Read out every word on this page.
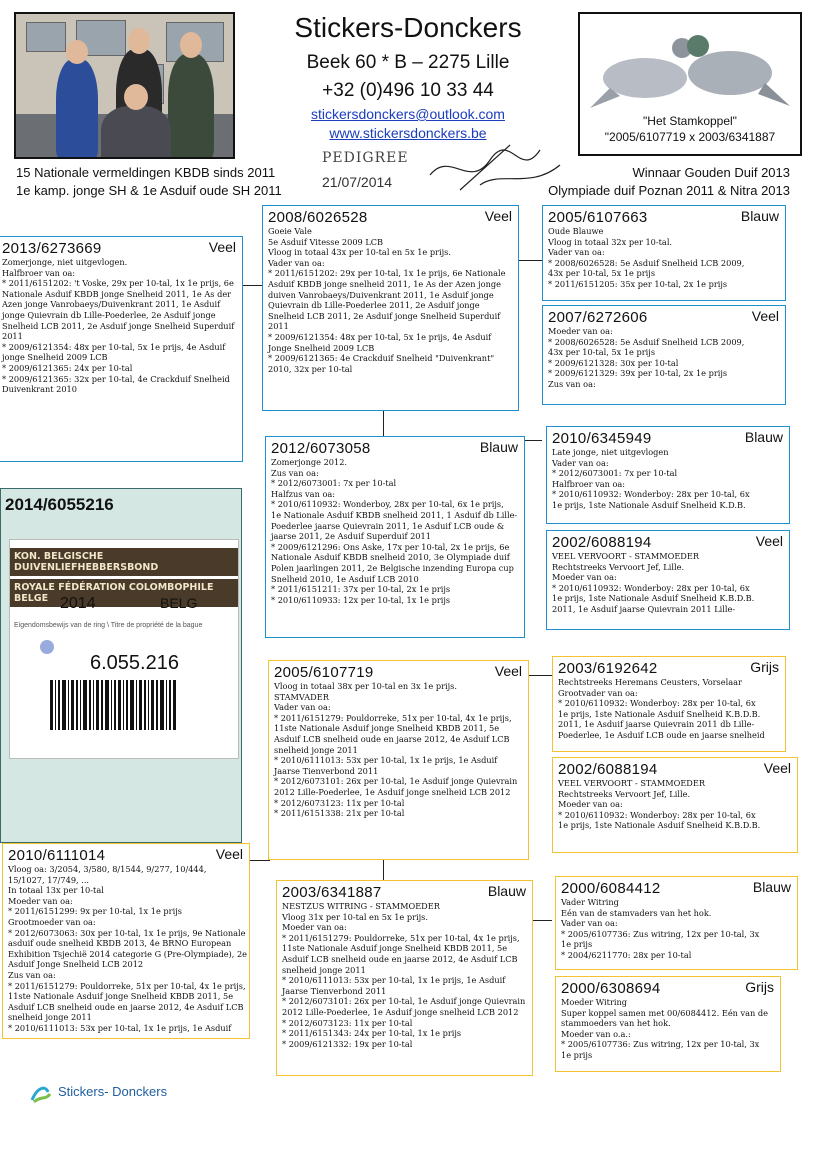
Stickers-Donckers
Beek 60 * B – 2275 Lille
+32 (0)496 10 33 44
stickersdonckers@outlook.com
www.stickersdonckers.be
PEDIGREE
21/07/2014
15 Nationale vermeldingen KBDB sinds 2011
1e kamp. jonge SH & 1e Asduif oude SH 2011
Winnaar Gouden Duif 2013
Olympiade duif Poznan 2011 & Nitra 2013
"Het Stamkoppel"
"2005/6107719 x 2003/6341887
2014/6055216
KON. BELGISCHE DUIVENLIEFHEBBERSBOND
ROYALE FÉDÉRATION COLOMBOPHILE BELGE 2014	BELG
Eigendomsbewijs van de ring \ Titre de propriété de la bague
6.055.216
2013/6273669	Veel
Zomerjonge, niet uitgevlogen.
Halfbroer van oa:
* 2011/6151202: 't Voske, 29x per 10-tal, 1x 1e prijs, 6e
Nationale Asduif KBDB jonge Snelheid 2011, 1e As der
Azen jonge Vanrobaeys/Duivenkrant 2011, 1e Asduif
jonge Quievrain db Lille-Poederlee, 2e Asduif jonge
Snelheid LCB 2011, 2e Asduif jonge Snelheid Superduif
2011
* 2009/6121354: 48x per 10-tal, 5x 1e prijs, 4e Asduif
jonge Snelheid 2009 LCB
* 2009/6121365: 24x per 10-tal
* 2009/6121365: 32x per 10-tal, 4e Crackduif Snelheid
Duivenkrant 2010
2008/6026528	Veel
Goeie Vale
5e Asduif Vitesse 2009 LCB
Vloog in totaal 43x per 10-tal en 5x 1e prijs.
Vader van oa:
* 2011/6151202: 29x per 10-tal, 1x 1e prijs, 6e Nationale
Asduif KBDB jonge snelheid 2011, 1e As der Azen jonge
duiven Vanrobaeys/Duivenkrant 2011, 1e Asduif jonge
Quievrain db Lille-Poederlee 2011, 2e Asduif jonge
Snelheid LCB 2011, 2e Asduif jonge Snelheid Superduif
2011
* 2009/6121354: 48x per 10-tal, 5x 1e prijs, 4e Asduif
Jonge Snelheid 2009 LCB
* 2009/6121365: 4e Crackduif Snelheid "Duivenkrant"
2010, 32x per 10-tal
2005/6107663	Blauw
Oude Blauwe
Vloog in totaal 32x per 10-tal.
Vader van oa:
* 2008/6026528: 5e Asduif Snelheid LCB 2009,
43x per 10-tal, 5x 1e prijs
* 2011/6151205: 35x per 10-tal, 2x 1e prijs
2007/6272606	Veel
Moeder van oa:
* 2008/6026528: 5e Asduif Snelheid LCB 2009,
43x per 10-tal, 5x 1e prijs
* 2009/6121328: 30x per 10-tal
* 2009/6121329: 39x per 10-tal, 2x 1e prijs
Zus van oa:
2012/6073058	Blauw
Zomerjonge 2012.
Zus van oa:
* 2012/6073001: 7x per 10-tal
Halfzus van oa:
* 2010/6110932: Wonderboy, 28x per 10-tal, 6x 1e prijs,
1e Nationale Asduif KBDB snelheid 2011, 1 Asduif db Lille-
Poederlee jaarse Quievrain 2011, 1e Asduif LCB oude &
jaarse 2011, 2e Asduif Superduif 2011
* 2009/6121296: Ons Aske, 17x per 10-tal, 2x 1e prijs, 6e
Nationale Asduif KBDB snelheid 2010, 3e Olympiade duif
Polen jaarlingen 2011, 2e Belgische inzending Europa cup
Snelheid 2010, 1e Asduif LCB 2010
* 2011/6151211: 37x per 10-tal, 2x 1e prijs
* 2010/6110933: 12x per 10-tal, 1x 1e prijs
2010/6345949	Blauw
Late jonge, niet uitgevlogen
Vader van oa:
* 2012/6073001: 7x per 10-tal
Halfbroer van oa:
* 2010/6110932: Wonderboy: 28x per 10-tal, 6x
1e prijs, 1ste Nationale Asduif Snelheid K.D.B.
2002/6088194	Veel
VEEL VERVOORT - STAMMOEDER
Rechtstreeks Vervoort Jef, Lille.
Moeder van oa:
* 2010/6110932: Wonderboy: 28x per 10-tal, 6x
1e prijs, 1ste Nationale Asduif Snelheid K.B.D.B.
2011, 1e Asduif jaarse Quievrain 2011 Lille-
2005/6107719	Veel
Vloog in totaal 38x per 10-tal en 3x 1e prijs.
STAMVADER
Vader van oa:
* 2011/6151279: Pouldorreke, 51x per 10-tal, 4x 1e prijs,
11ste Nationale Asduif jonge Snelheid KBDB 2011, 5e
Asduif LCB snelheid oude en jaarse 2012, 4e Asduif LCB
snelheid jonge 2011
* 2010/6111013: 53x per 10-tal, 1x 1e prijs, 1e Asduif
Jaarse Tienverbond 2011
* 2012/6073101: 26x per 10-tal, 1e Asduif jonge Quievrain
2012 Lille-Poederlee, 1e Asduif jonge snelheid LCB 2012
* 2012/6073123: 11x per 10-tal
* 2011/6151338: 21x per 10-tal
2003/6192642	Grijs
Rechtstreeks Heremans Ceusters, Vorselaar
Grootvader van oa:
* 2010/6110932: Wonderboy: 28x per 10-tal, 6x
1e prijs, 1ste Nationale Asduif Snelheid K.B.D.B.
2011, 1e Asduif jaarse Quievrain 2011 db Lille-
Poederlee, 1e Asduif LCB oude en jaarse snelheid
2002/6088194	Veel
VEEL VERVOORT - STAMMOEDER
Rechtstreeks Vervoort Jef, Lille.
Moeder van oa:
* 2010/6110932: Wonderboy: 28x per 10-tal, 6x
1e prijs, 1ste Nationale Asduif Snelheid K.B.D.B.
2010/6111014	Veel
Vloog oa: 3/2054, 3/580, 8/1544, 9/277, 10/444,
15/1027, 17/749, ...
In totaal 13x per 10-tal
Moeder van oa:
* 2011/6151299: 9x per 10-tal, 1x 1e prijs
Grootmoeder van oa:
* 2012/6073063: 30x per 10-tal, 1x 1e prijs, 9e Nationale
asduif oude snelheid KBDB 2013, 4e BRNO European
Exhibition Tsjechië 2014 categorie G (Pre-Olympiade), 2e
Asduif Jonge Snelheid LCB 2012
Zus van oa:
* 2011/6151279: Pouldorreke, 51x per 10-tal, 4x 1e prijs,
11ste Nationale Asduif jonge Snelheid KBDB 2011, 5e
Asduif LCB snelheid oude en jaarse 2012, 4e Asduif LCB
snelheid jonge 2011
* 2010/6111013: 53x per 10-tal, 1x 1e prijs, 1e Asduif
2003/6341887	Blauw
NESTZUS WITRING - STAMMOEDER
Vloog 31x per 10-tal en 5x 1e prijs.
Moeder van oa:
* 2011/6151279: Pouldorreke, 51x per 10-tal, 4x 1e prijs,
11ste Nationale Asduif jonge Snelheid KBDB 2011, 5e
Asduif LCB snelheid oude en jaarse 2012, 4e Asduif LCB
snelheid jonge 2011
* 2010/6111013: 53x per 10-tal, 1x 1e prijs, 1e Asduif
Jaarse Tienverbond 2011
* 2012/6073101: 26x per 10-tal, 1e Asduif jonge Quievrain
2012 Lille-Poederlee, 1e Asduif jonge snelheid LCB 2012
* 2012/6073123: 11x per 10-tal
* 2011/6151343: 24x per 10-tal, 1x 1e prijs
* 2009/6121332: 19x per 10-tal
2000/6084412	Blauw
Vader Witring
Eén van de stamvaders van het hok.
Vader van oa:
* 2005/6107736: Zus witring, 12x per 10-tal, 3x
1e prijs
* 2004/6211770: 28x per 10-tal
2000/6308694	Grijs
Moeder Witring
Super koppel samen met 00/6084412. Eén van de
stammoeders van het hok.
Moeder van o.a.:
* 2005/6107736: Zus witring, 12x per 10-tal, 3x
1e prijs
Stickers- Donckers
